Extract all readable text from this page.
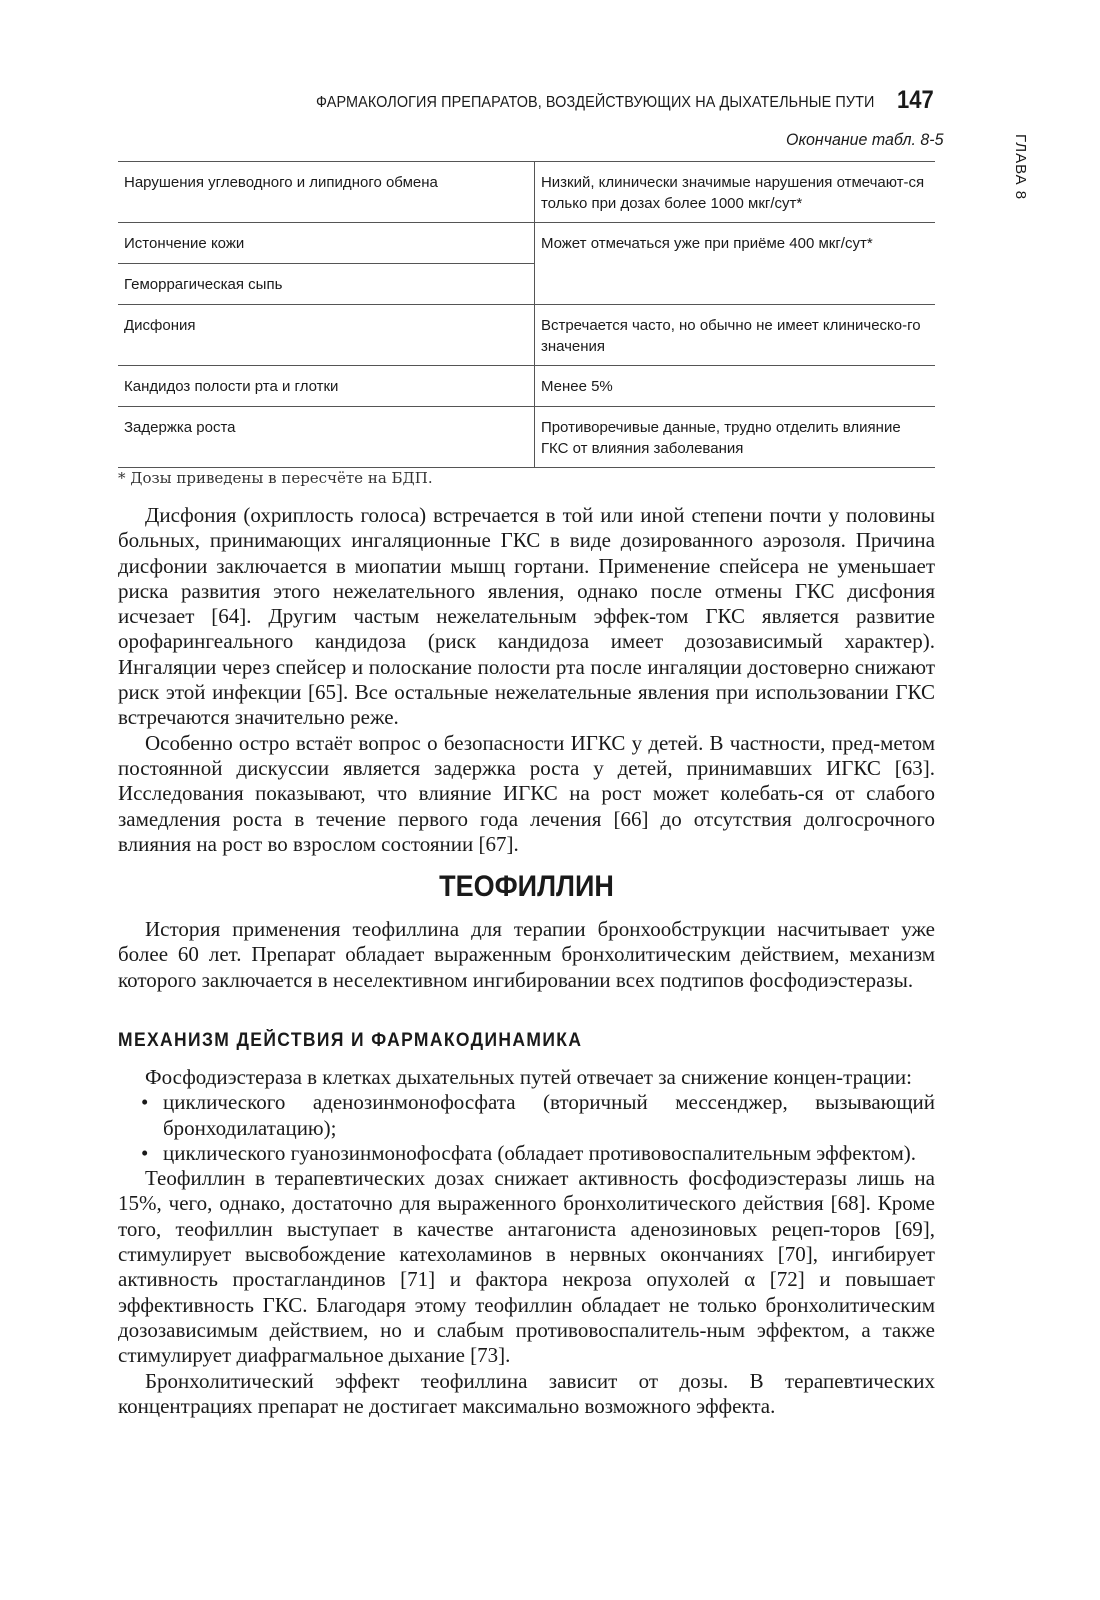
ФАРМАКОЛОГИЯ ПРЕПАРАТОВ, ВОЗДЕЙСТВУЮЩИХ НА ДЫХАТЕЛЬНЫЕ ПУТИ 147
ГЛАВА 8
Окончание табл. 8-5
Нарушения углеводного и липидного обмена	Низкий, клинически значимые нарушения отмечают-ся только при дозах более 1000 мкг/сут*
Истончение кожи	Может отмечаться уже при приёме 400 мкг/сут*
Геморрагическая сыпь	
Дисфония	Встречается часто, но обычно не имеет клиническо-го значения
Кандидоз полости рта и глотки	Менее 5%
Задержка роста	Противоречивые данные, трудно отделить влияние ГКС от влияния заболевания
* Дозы приведены в пересчёте на БДП.

Дисфония (охриплость голоса) встречается в той или иной степени почти у половины больных, принимающих ингаляционные ГКС в виде дозированного аэрозоля. Причина дисфонии заключается в миопатии мышц гортани. Применение спейсера не уменьшает риска развития этого нежелательного явления, однако после отмены ГКС дисфония исчезает [64]. Другим частым нежелательным эффек-том ГКС является развитие орофарингеального кандидоза (риск кандидоза имеет дозозависимый характер). Ингаляции через спейсер и полоскание полости рта после ингаляции достоверно снижают риск этой инфекции [65]. Все остальные нежелательные явления при использовании ГКС встречаются значительно реже.

Особенно остро встаёт вопрос о безопасности ИГКС у детей. В частности, пред-метом постоянной дискуссии является задержка роста у детей, принимавших ИГКС [63]. Исследования показывают, что влияние ИГКС на рост может колебать-ся от слабого замедления роста в течение первого года лечения [66] до отсутствия долгосрочного влияния на рост во взрослом состоянии [67].

ТЕОФИЛЛИН

История применения теофиллина для терапии бронхообструкции насчитывает уже более 60 лет. Препарат обладает выраженным бронхолитическим действием, механизм которого заключается в неселективном ингибировании всех подтипов фосфодиэстеразы.

МЕХАНИЗМ ДЕЙСТВИЯ И ФАРМАКОДИНАМИКА

Фосфодиэстераза в клетках дыхательных путей отвечает за снижение концен-трации:

• циклического аденозинмонофосфата (вторичный мессенджер, вызывающий бронходилатацию);
• циклического гуанозинмонофосфата (обладает противовоспалительным эффектом).

Теофиллин в терапевтических дозах снижает активность фосфодиэстеразы лишь на 15%, чего, однако, достаточно для выраженного бронхолитического действия [68]. Кроме того, теофиллин выступает в качестве антагониста аденозиновых рецеп-торов [69], стимулирует высвобождение катехоламинов в нервных окончаниях [70], ингибирует активность простагландинов [71] и фактора некроза опухолей α [72] и повышает эффективность ГКС. Благодаря этому теофиллин обладает не только бронхолитическим дозозависимым действием, но и слабым противовоспалитель-ным эффектом, а также стимулирует диафрагмальное дыхание [73].

Бронхолитический эффект теофиллина зависит от дозы. В терапевтических концентрациях препарат не достигает максимально возможного эффекта.
